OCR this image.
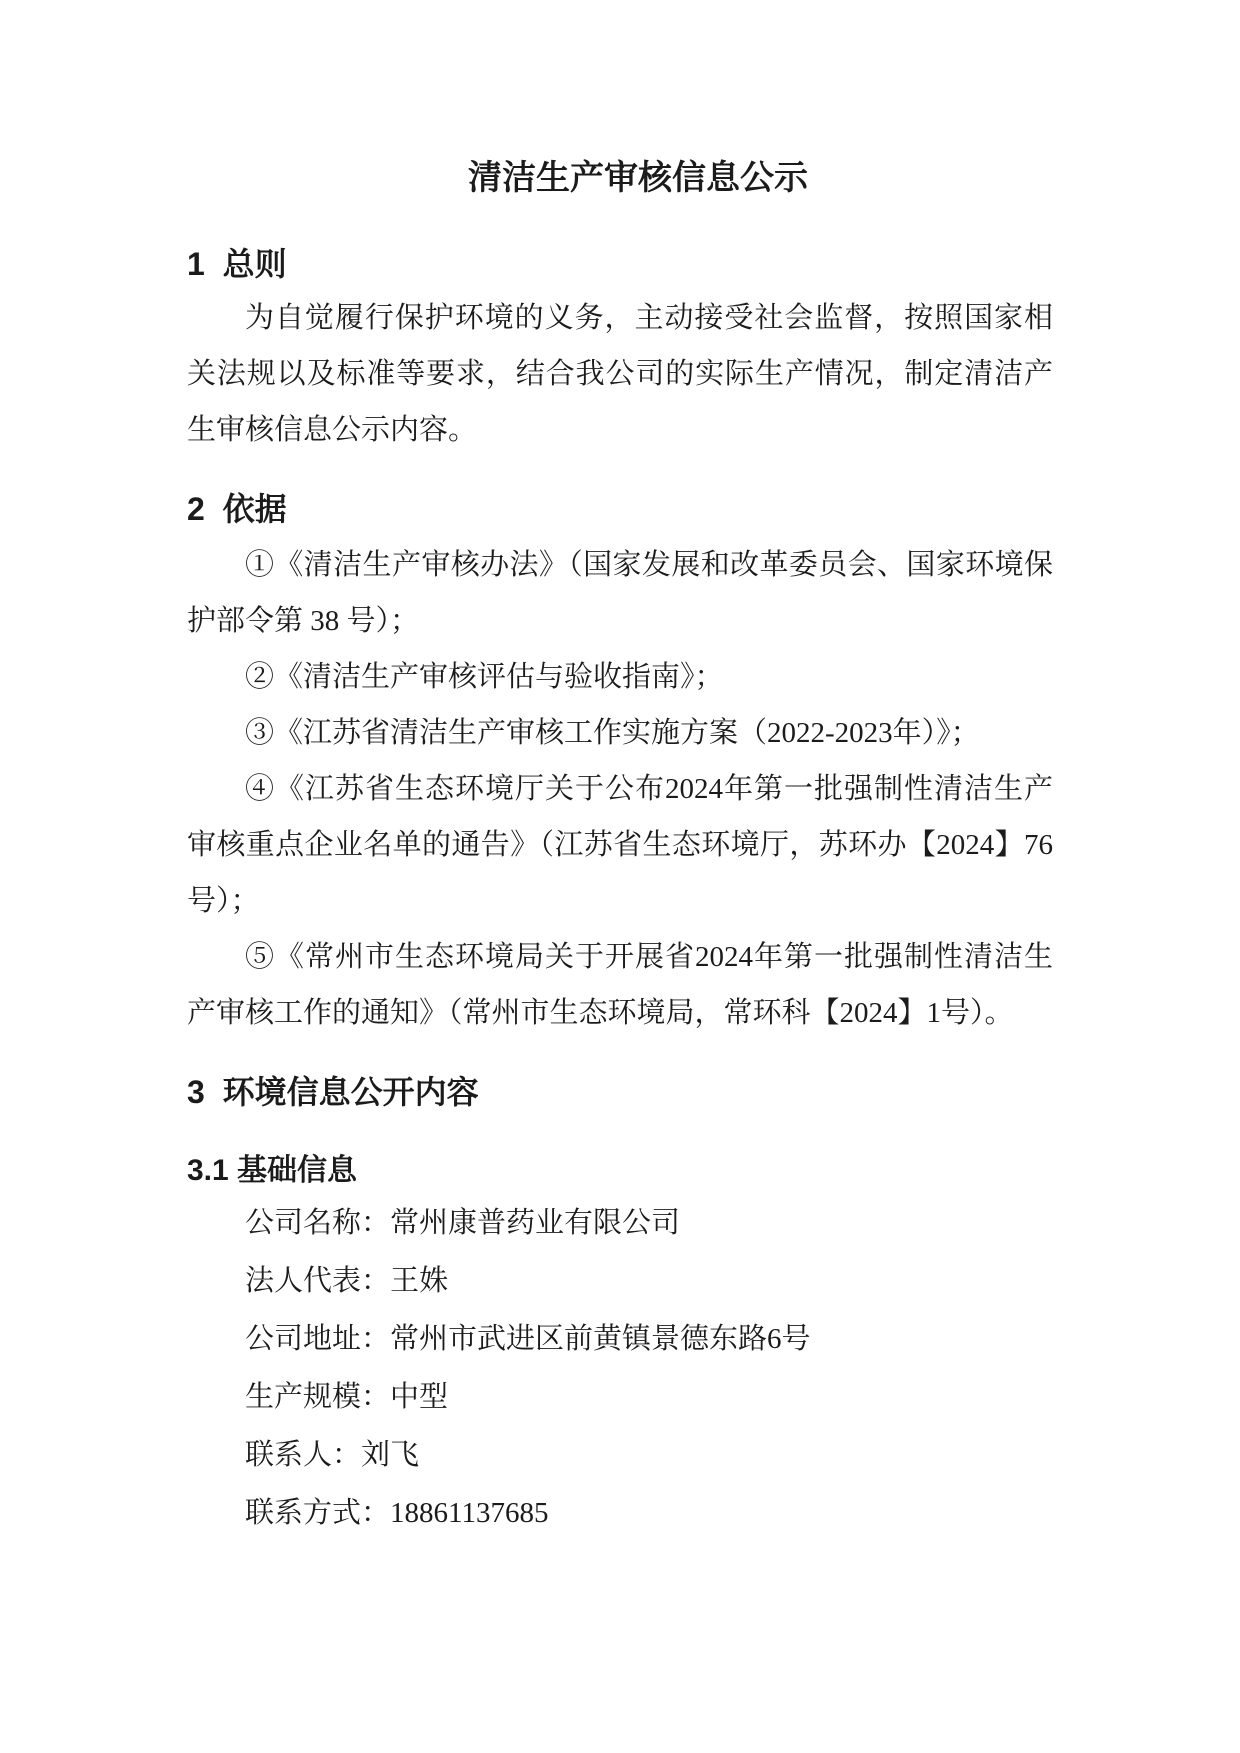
清洁生产审核信息公示
1  总则

为自觉履行保护环境的义务，主动接受社会监督，按照国家相关法规以及标准等要求，结合我公司的实际生产情况，制定清洁产生审核信息公示内容。

2  依据

①《清洁生产审核办法》（国家发展和改革委员会、国家环境保护部令第 38 号）；

②《清洁生产审核评估与验收指南》；

③《江苏省清洁生产审核工作实施方案（2022-2023年）》；

④《江苏省生态环境厅关于公布2024年第一批强制性清洁生产审核重点企业名单的通告》（江苏省生态环境厅，苏环办【2024】76 号）；

⑤《常州市生态环境局关于开展省2024年第一批强制性清洁生产审核工作的通知》（常州市生态环境局，常环科【2024】1号）。

3  环境信息公开内容
3.1 基础信息

公司名称：常州康普药业有限公司

法人代表：王姝

公司地址：常州市武进区前黄镇景德东路6号

生产规模：中型

联系人：刘飞

联系方式：18861137685
